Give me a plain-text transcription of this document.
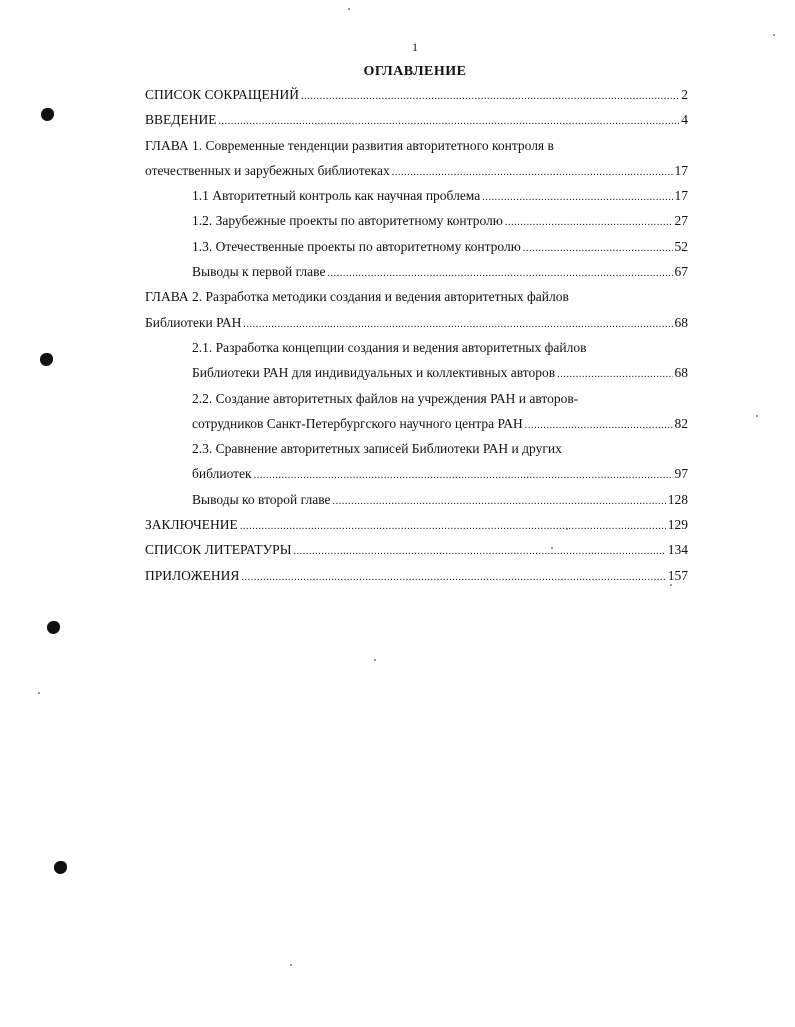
1
ОГЛАВЛЕНИЕ
СПИСОК СОКРАЩЕНИЙ .....	2
ВВЕДЕНИЕ .....	4
ГЛАВА 1. Современные тенденции развития авторитетного контроля в
отечественных и зарубежных библиотеках .....	17
1.1 Авторитетный контроль как научная проблема .....	17
1.2. Зарубежные проекты по авторитетному контролю .....	27
1.3. Отечественные проекты по авторитетному контролю .....	52
Выводы к первой главе .....	67
ГЛАВА 2. Разработка методики создания и ведения авторитетных файлов
Библиотеки РАН .....	68
2.1. Разработка концепции создания и ведения авторитетных файлов
Библиотеки РАН для индивидуальных и коллективных авторов .....	68
2.2. Создание авторитетных файлов на учреждения РАН и авторов-
сотрудников Санкт-Петербургского научного центра РАН .....	82
2.3. Сравнение авторитетных записей Библиотеки РАН и других
библиотек .....	97
Выводы ко второй главе .....	128
ЗАКЛЮЧЕНИЕ .....	129
СПИСОК ЛИТЕРАТУРЫ .....	134
ПРИЛОЖЕНИЯ .....	157
